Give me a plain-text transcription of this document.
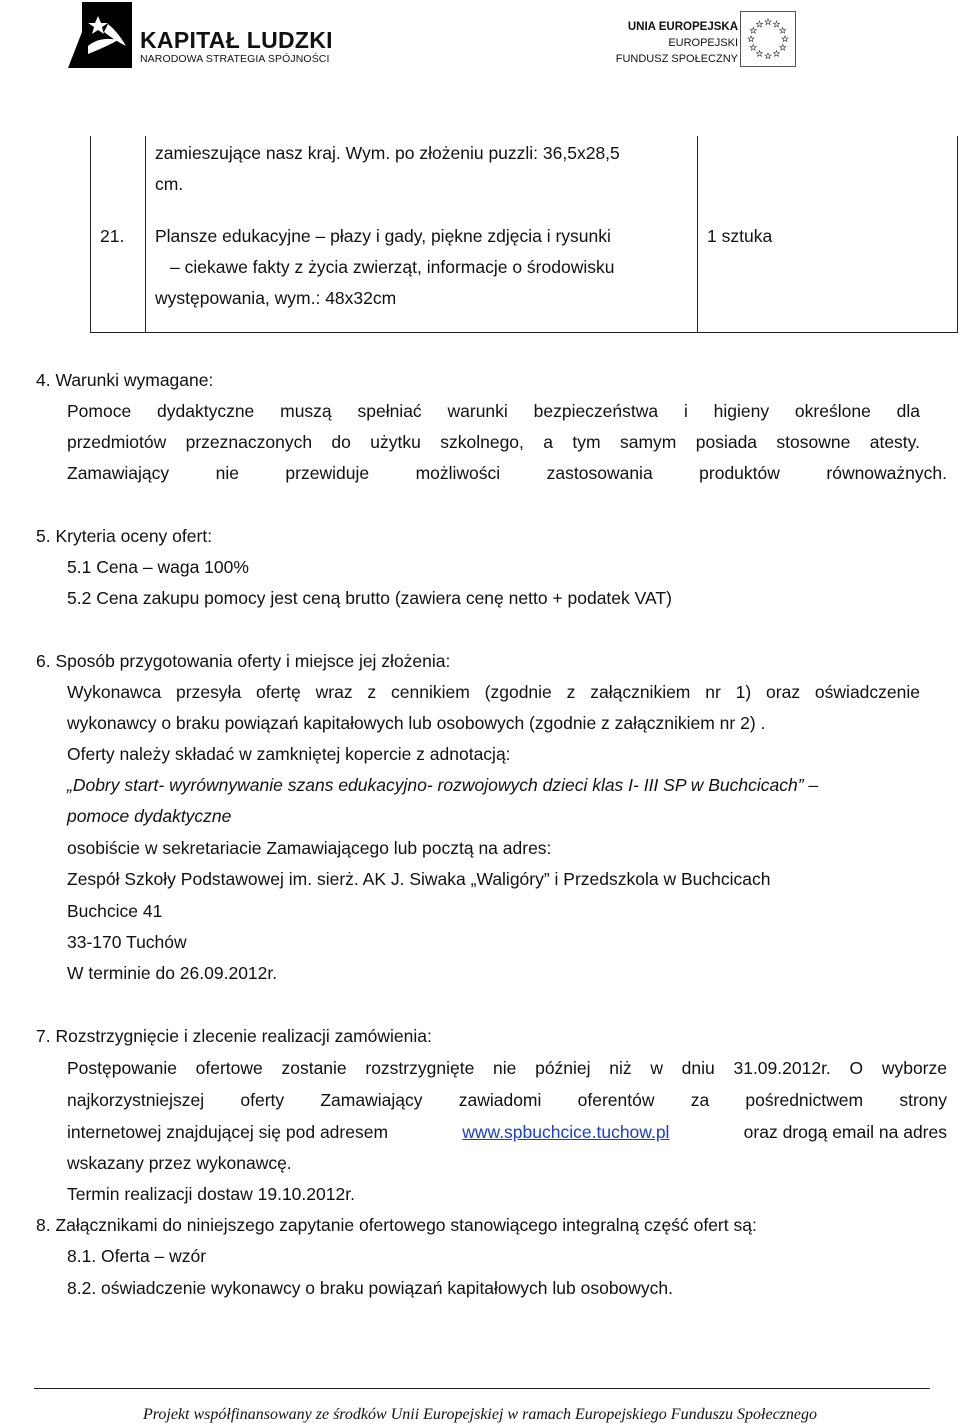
KAPITAŁ LUDZKI
NARODOWA STRATEGIA SPÓJNOŚCI
UNIA EUROPEJSKA
EUROPEJSKI
FUNDUSZ SPOŁECZNY
zamieszujące nasz kraj. Wym. po złożeniu puzzli: 36,5x28,5
cm.
21. Plansze edukacyjne – płazy i gady, piękne zdjęcia i rysunki
– ciekawe fakty z życia zwierząt, informacje o środowisku
występowania, wym.: 48x32cm
1 sztuka
4. Warunki wymagane:
Pomoce dydaktyczne muszą spełniać warunki bezpieczeństwa i higieny określone dla
przedmiotów przeznaczonych do użytku szkolnego, a tym samym posiada stosowne atesty.
Zamawiający nie przewiduje możliwości zastosowania produktów równoważnych.
5. Kryteria oceny ofert:
5.1 Cena – waga 100%
5.2 Cena zakupu pomocy jest ceną brutto (zawiera cenę netto + podatek VAT)
6. Sposób przygotowania oferty i miejsce jej złożenia:
Wykonawca przesyła ofertę wraz z cennikiem (zgodnie z załącznikiem nr 1) oraz oświadczenie
wykonawcy o braku powiązań kapitałowych lub osobowych (zgodnie z załącznikiem nr 2) .
Oferty należy składać w zamkniętej kopercie z adnotacją:
„Dobry start- wyrównywanie szans edukacyjno- rozwojowych dzieci klas I- III SP w Buchcicach” –
pomoce dydaktyczne
osobiście w sekretariacie Zamawiającego lub pocztą na adres:
Zespół Szkoły Podstawowej im. sierż. AK J. Siwaka „Waligóry” i Przedszkola w Buchcicach
Buchcice 41
33-170 Tuchów
W terminie do 26.09.2012r.
7. Rozstrzygnięcie i zlecenie realizacji zamówienia:
Postępowanie ofertowe zostanie rozstrzygnięte nie później niż w dniu 31.09.2012r. O wyborze
najkorzystniejszej oferty Zamawiający zawiadomi oferentów za pośrednictwem strony
internetowej znajdującej się pod adresem	www.spbuchcice.tuchow.pl	oraz drogą email na adres
wskazany przez wykonawcę.
Termin realizacji dostaw 19.10.2012r.
8. Załącznikami do niniejszego zapytanie ofertowego stanowiącego integralną część ofert są:
8.1. Oferta – wzór
8.2. oświadczenie wykonawcy o braku powiązań kapitałowych lub osobowych.
Projekt współfinansowany ze środków Unii Europejskiej w ramach Europejskiego Funduszu Społecznego
